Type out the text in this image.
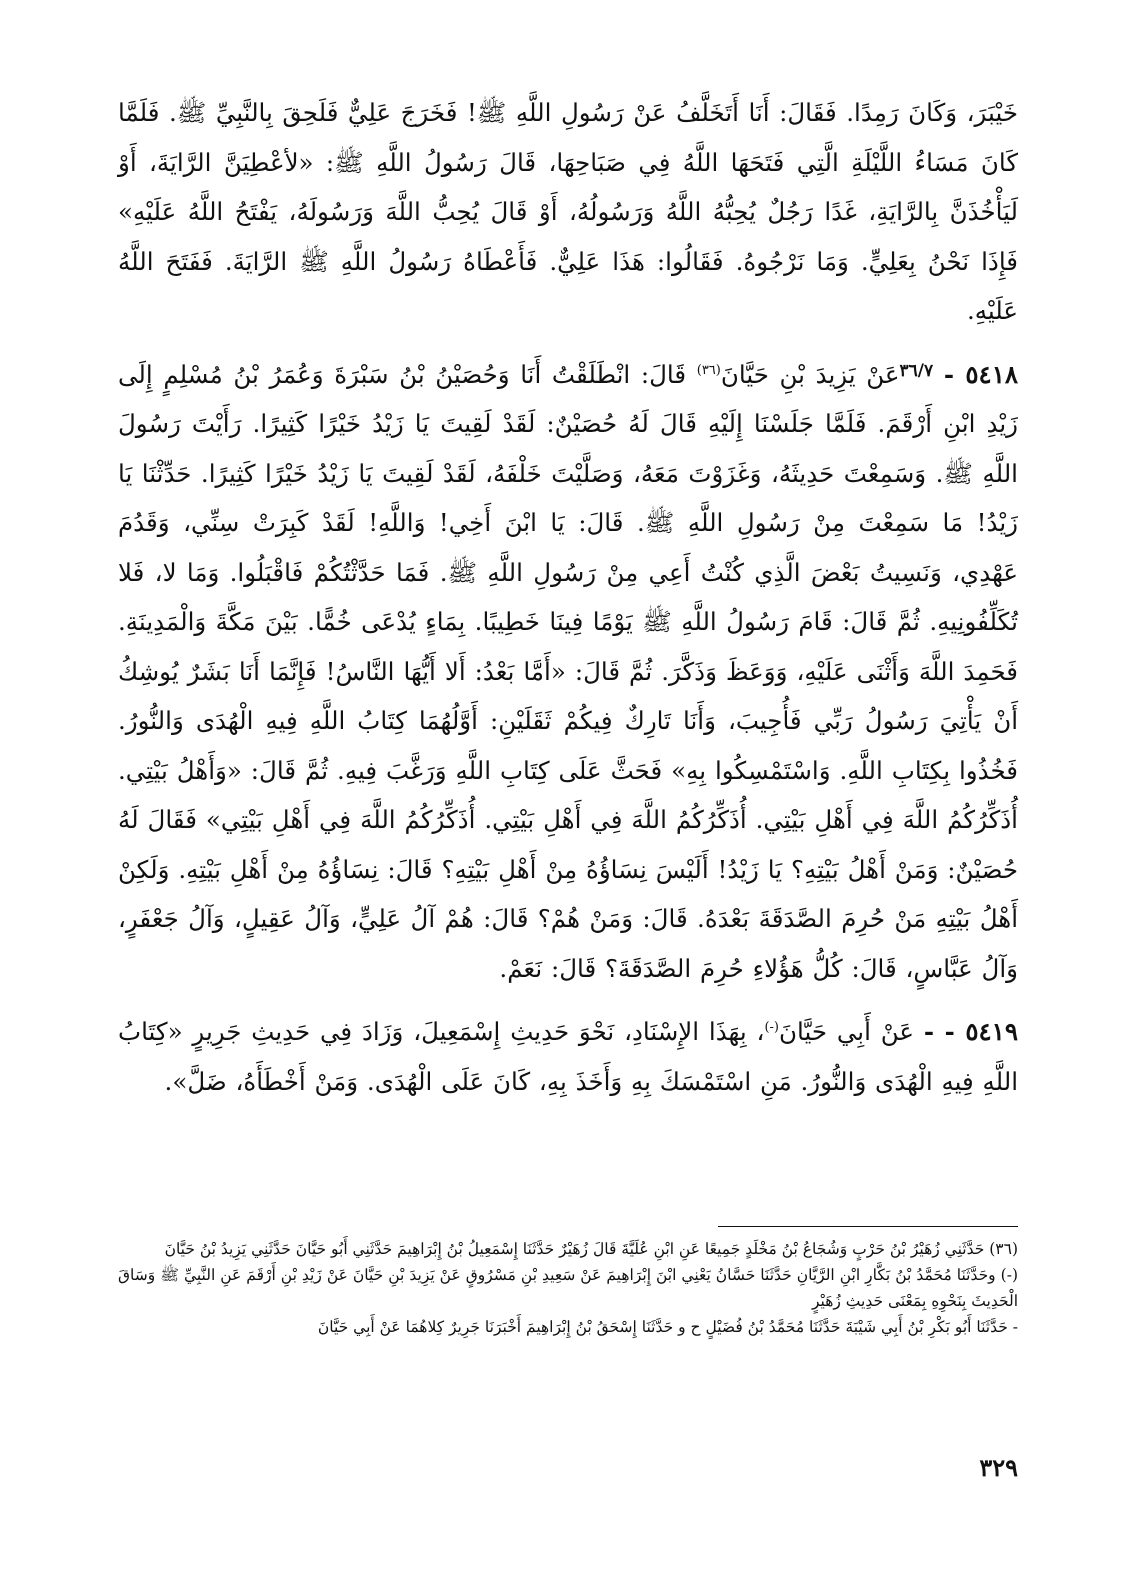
خَيْبَرَ، وَكَانَ رَمِدًا. فَقَالَ: أَنَا أَتَخَلَّفُ عَنْ رَسُولِ اللَّهِ ﷺ! فَخَرَجَ عَلِيٌّ فَلَحِقَ بِالنَّبِيِّ ﷺ. فَلَمَّا كَانَ مَسَاءُ اللَّيْلَةِ الَّتِي فَتَحَهَا اللَّهُ فِي صَبَاحِهَا، قَالَ رَسُولُ اللَّهِ ﷺ: «لأعْطِيَنَّ الرَّايَةَ، أَوْ لَيَأْخُذَنَّ بِالرَّايَةِ، غَدًا رَجُلٌ يُحِبُّهُ اللَّهُ وَرَسُولُهُ، أَوْ قَالَ يُحِبُّ اللَّهَ وَرَسُولَهُ، يَفْتَحُ اللَّهُ عَلَيْهِ» فَإِذَا نَحْنُ بِعَلِيٍّ. وَمَا نَرْجُوهُ. فَقَالُوا: هَذَا عَلِيٌّ. فَأَعْطَاهُ رَسُولُ اللَّهِ ﷺ الرَّايَةَ. فَفَتَحَ اللَّهُ عَلَيْهِ.

٥٤١٨ - $^{٣٦/٧}$عَنْ يَزِيدَ بْنِ حَيَّانَ$^{(٣٦)}$ قَالَ: انْطَلَقْتُ أَنَا وَحُصَيْنُ بْنُ سَبْرَةَ وَعُمَرُ بْنُ مُسْلِمٍ إِلَى زَيْدِ ابْنِ أَرْقَمَ. فَلَمَّا جَلَسْنَا إِلَيْهِ قَالَ لَهُ حُصَيْنٌ: لَقَدْ لَقِيتَ يَا زَيْدُ خَيْرًا كَثِيرًا. رَأَيْتَ رَسُولَ اللَّهِ ﷺ. وَسَمِعْتَ حَدِيثَهُ، وَغَزَوْتَ مَعَهُ، وَصَلَّيْتَ خَلْفَهُ، لَقَدْ لَقِيتَ يَا زَيْدُ خَيْرًا كَثِيرًا. حَدِّثْنَا يَا زَيْدُ! مَا سَمِعْتَ مِنْ رَسُولِ اللَّهِ ﷺ. قَالَ: يَا ابْنَ أَخِي! وَاللَّهِ! لَقَدْ كَبِرَتْ سِنِّي، وَقَدُمَ عَهْدِي، وَنَسِيتُ بَعْضَ الَّذِي كُنْتُ أَعِي مِنْ رَسُولِ اللَّهِ ﷺ. فَمَا حَدَّثْتُكُمْ فَاقْبَلُوا. وَمَا لا، فَلا تُكَلِّفُونِيهِ. ثُمَّ قَالَ: قَامَ رَسُولُ اللَّهِ ﷺ يَوْمًا فِينَا خَطِيبًا. بِمَاءٍ يُدْعَى خُمًّا. بَيْنَ مَكَّةَ وَالْمَدِينَةِ. فَحَمِدَ اللَّهَ وَأَثْنَى عَلَيْهِ، وَوَعَظَ وَذَكَّرَ. ثُمَّ قَالَ: «أَمَّا بَعْدُ: أَلا أَيُّهَا النَّاسُ! فَإِنَّمَا أَنَا بَشَرٌ يُوشِكُ أَنْ يَأْتِيَ رَسُولُ رَبِّي فَأُجِيبَ، وَأَنَا تَارِكٌ فِيكُمْ ثَقَلَيْنِ: أَوَّلُهُمَا كِتَابُ اللَّهِ فِيهِ الْهُدَى وَالنُّورُ. فَخُذُوا بِكِتَابِ اللَّهِ. وَاسْتَمْسِكُوا بِهِ» فَحَثَّ عَلَى كِتَابِ اللَّهِ وَرَغَّبَ فِيهِ. ثُمَّ قَالَ: «وَأَهْلُ بَيْتِي. أُذَكِّرُكُمُ اللَّهَ فِي أَهْلِ بَيْتِي. أُذَكِّرُكُمُ اللَّهَ فِي أَهْلِ بَيْتِي. أُذَكِّرُكُمُ اللَّهَ فِي أَهْلِ بَيْتِي» فَقَالَ لَهُ حُصَيْنٌ: وَمَنْ أَهْلُ بَيْتِهِ؟ يَا زَيْدُ! أَلَيْسَ نِسَاؤُهُ مِنْ أَهْلِ بَيْتِهِ؟ قَالَ: نِسَاؤُهُ مِنْ أَهْلِ بَيْتِهِ. وَلَكِنْ أَهْلُ بَيْتِهِ مَنْ حُرِمَ الصَّدَقَةَ بَعْدَهُ. قَالَ: وَمَنْ هُمْ؟ قَالَ: هُمْ آلُ عَلِيٍّ، وَآلُ عَقِيلٍ، وَآلُ جَعْفَرٍ، وَآلُ عَبَّاسٍ، قَالَ: كُلُّ هَؤُلاءِ حُرِمَ الصَّدَقَةَ؟ قَالَ: نَعَمْ.

٥٤١٩ - - عَنْ أَبِي حَيَّانَ(-)، بِهَذَا الإِسْنَادِ، نَحْوَ حَدِيثِ إِسْمَعِيلَ، وَزَادَ فِي حَدِيثِ جَرِيرٍ «كِتَابُ اللَّهِ فِيهِ الْهُدَى وَالنُّورُ. مَنِ اسْتَمْسَكَ بِهِ وَأَخَذَ بِهِ، كَانَ عَلَى الْهُدَى. وَمَنْ أَخْطَأَهُ، ضَلَّ».

(٣٦) حَدَّثَنِي زُهَيْرُ بْنُ حَرْبٍ وَشُجَاعُ بْنُ مَخْلَدٍ جَمِيعًا عَنِ ابْنِ عُلَيَّةَ قَالَ زُهَيْرٌ حَدَّثَنَا إِسْمَعِيلُ بْنُ إِبْرَاهِيمَ حَدَّثَنِي أَبُو حَيَّانَ حَدَّثَنِي يَزِيدُ بْنُ حَيَّانَ

(-) وحَدَّثَنَا مُحَمَّدُ بْنُ بَكَّارِ ابْنِ الرَّيَّانِ حَدَّثَنَا حَسَّانُ يَعْنِي ابْنَ إِبْرَاهِيمَ عَنْ سَعِيدِ بْنِ مَسْرُوقٍ عَنْ يَزِيدَ بْنِ حَيَّانَ عَنْ زَيْدِ بْنِ أَرْقَمَ عَنِ النَّبِيِّ ﷺ وَسَاقَ الْحَدِيثَ بِنَحْوِهِ بِمَعْنَى حَدِيثِ زُهَيْرٍ

- حَدَّثَنَا أَبُو بَكْرِ بْنُ أَبِي شَيْبَةَ حَدَّثَنَا مُحَمَّدُ بْنُ فُضَيْلٍ ح و حَدَّثَنَا إِسْحَقُ بْنُ إِبْرَاهِيمَ أَخْبَرَنَا جَرِيرٌ كِلاهُمَا عَنْ أَبِي حَيَّانَ

٣٢٩
